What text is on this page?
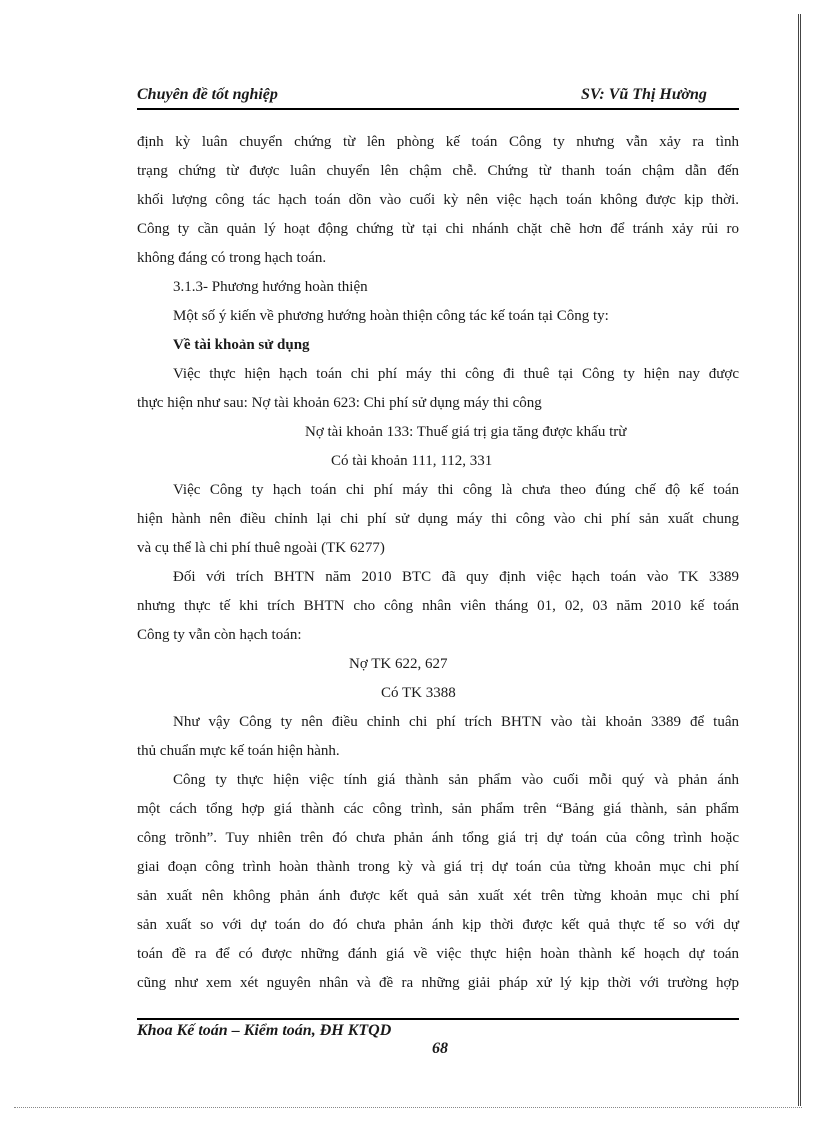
Chuyên đề tốt nghiệp	SV: Vũ Thị Hường
định kỳ luân chuyển chứng từ lên phòng kế toán Công ty nhưng vẫn xảy ra tình
trạng chứng từ được luân chuyển lên chậm chễ. Chứng từ thanh toán chậm dẫn đến
khối lượng công tác hạch toán dồn vào cuối kỳ nên việc hạch toán không được kịp thời.
Công ty cần quản lý hoạt động chứng từ tại chi nhánh chặt chẽ hơn để tránh xảy rủi ro
không đáng có trong hạch toán.
3.1.3- Phương hướng hoàn thiện
Một số ý kiến về phương hướng hoàn thiện công tác kế toán tại Công ty:
Về tài khoản sử dụng
Việc thực hiện hạch toán chi phí máy thi công đi thuê tại Công ty hiện nay được
thực hiện như sau: Nợ tài khoản 623: Chi phí sử dụng máy thi công
Nợ tài khoản 133: Thuế giá trị gia tăng được khấu trừ
Có tài khoản 111, 112, 331
Việc Công ty hạch toán chi phí máy thi công là chưa theo đúng chế độ kế toán
hiện hành nên điều chỉnh lại chi phí sử dụng máy thi công vào chi phí sản xuất chung
và cụ thể là chi phí thuê ngoài (TK 6277)
Đối với trích BHTN năm 2010 BTC đã quy định việc hạch toán vào TK 3389
nhưng thực tế khi trích BHTN cho công nhân viên tháng 01, 02, 03 năm 2010 kế toán
Công ty vẫn còn hạch toán:
Nợ TK 622, 627
Có TK 3388
Như vậy Công ty nên điều chỉnh chi phí trích BHTN vào tài khoản 3389 để tuân
thủ chuẩn mực kế toán hiện hành.
Công ty thực hiện việc tính giá thành sản phẩm vào cuối mỗi quý và phản ánh
một cách tổng hợp giá thành các công trình, sản phẩm trên “Bảng giá thành, sản phẩm
công trõnh”. Tuy nhiên trên đó chưa phản ánh tổng giá trị dự toán của công trình hoặc
giai đoạn công trình hoàn thành trong kỳ và giá trị dự toán của từng khoản mục chi phí
sản xuất nên không phản ánh được kết quả sản xuất xét trên từng khoản mục chi phí
sản xuất so với dự toán do đó chưa phản ánh kịp thời được kết quả thực tế so với dự
toán đề ra để có được những đánh giá về việc thực hiện hoàn thành kế hoạch dự toán
cũng như xem xét nguyên nhân và đề ra những giải pháp xử lý kịp thời với trường hợp
Khoa Kế toán – Kiểm toán, ĐH KTQD
68
